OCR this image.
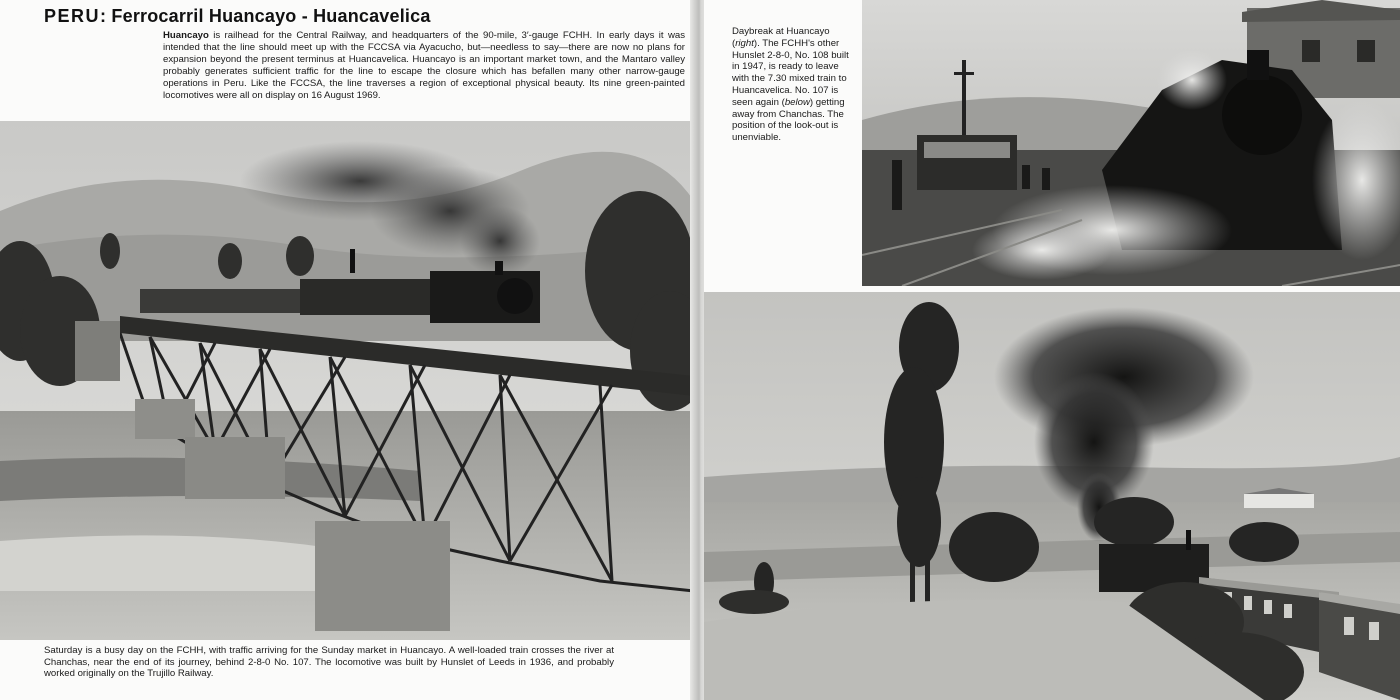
PERU: Ferrocarril Huancayo - Huancavelica

Huancayo is railhead for the Central Railway, and headquarters of the 90-mile, 3′-gauge FCHH. In early days it was intended that the line should meet up with the FCCSA via Ayacucho, but—needless to say—there are now no plans for expansion beyond the present terminus at Huancavelica. Huancayo is an important market town, and the Mantaro valley probably generates sufficient traffic for the line to escape the closure which has befallen many other narrow-gauge operations in Peru. Like the FCCSA, the line traverses a region of exceptional physical beauty. Its nine green-painted locomotives were all on display on 16 August 1969.

Saturday is a busy day on the FCHH, with traffic arriving for the Sunday market in Huancayo. A well-loaded train crosses the river at Chanchas, near the end of its journey, behind 2-8-0 No. 107. The locomotive was built by Hunslet of Leeds in 1936, and probably worked originally on the Trujillo Railway.

Daybreak at Huancayo (right). The FCHH's other Hunslet 2-8-0, No. 108 built in 1947, is ready to leave with the 7.30 mixed train to Huancavelica. No. 107 is seen again (below) getting away from Chanchas. The position of the look-out is unenviable.
